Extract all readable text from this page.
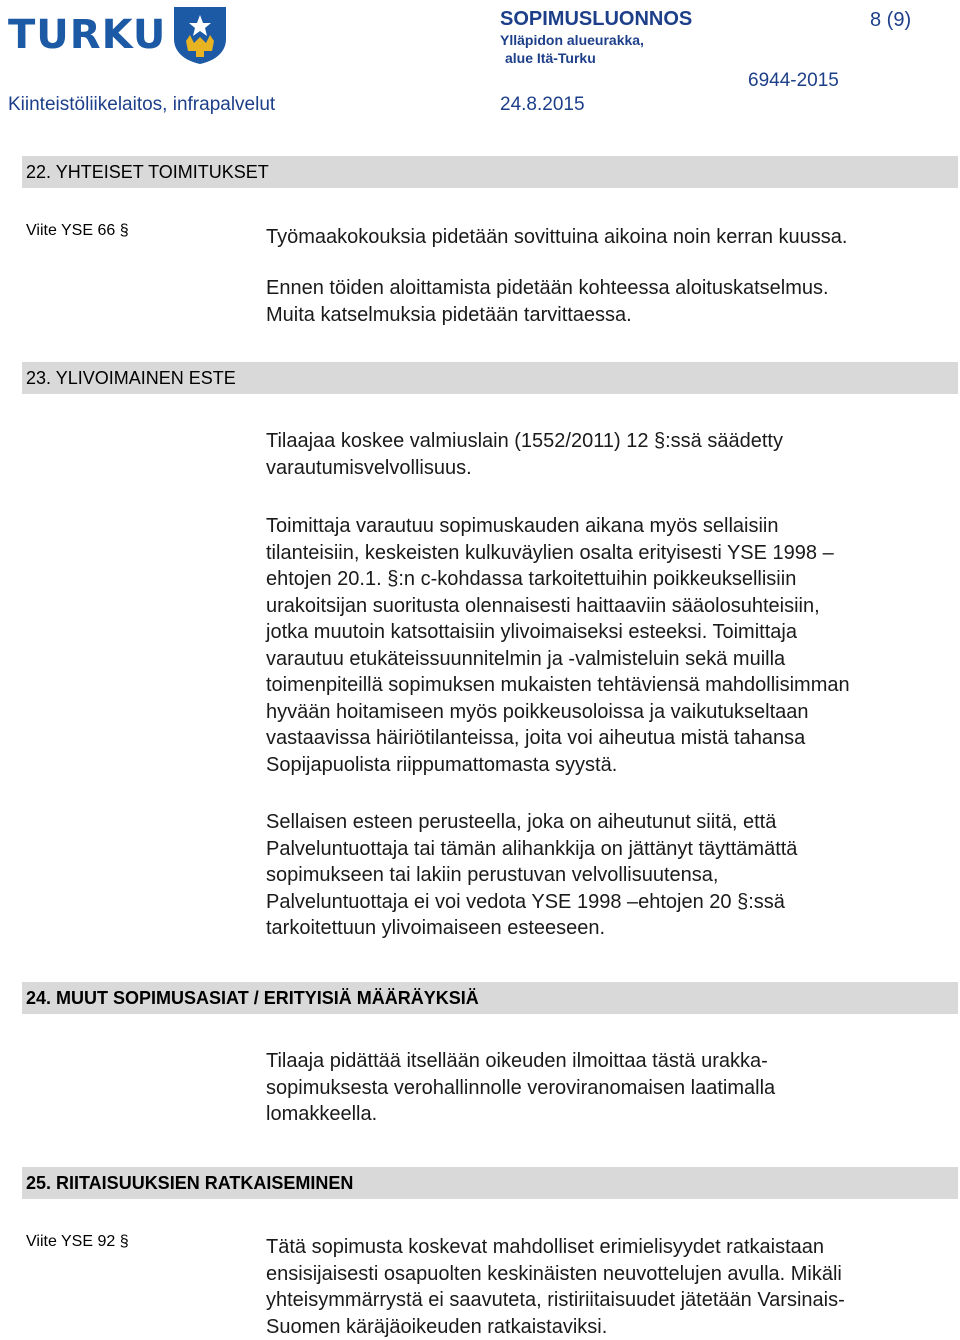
TURKU	SOPIMUSLUONNOS
Ylläpidon alueurakka,
alue Itä-Turku
8 (9)
6944-2015
Kiinteistöliikelaitos, infrapalvelut	24.8.2015
22. YHTEISET TOIMITUKSET
Viite YSE 66 §	Työmaakokouksia pidetään sovittuina aikoina noin kerran kuussa.
Ennen töiden aloittamista pidetään kohteessa aloituskatselmus.
Muita katselmuksia pidetään tarvittaessa.
23. YLIVOIMAINEN ESTE
Tilaajaa koskee valmiuslain (1552/2011) 12 §:ssä säädetty
varautumisvelvollisuus.
Toimittaja varautuu sopimuskauden aikana myös sellaisiin
tilanteisiin, keskeisten kulkuväylien osalta erityisesti YSE 1998 –
ehtojen 20.1. §:n c-kohdassa tarkoitettuihin poikkeuksellisiin
urakoitsijan suoritusta olennaisesti haittaaviin sääolosuhteisiin,
jotka muutoin katsottaisiin ylivoimaiseksi esteeksi. Toimittaja
varautuu etukäteissuunnitelmin ja -valmisteluin sekä muilla
toimenpiteillä sopimuksen mukaisten tehtäviensä mahdollisimman
hyvään hoitamiseen myös poikkeusoloissa ja vaikutukseltaan
vastaavissa häiriötilanteissa, joita voi aiheutua mistä tahansa
Sopijapuolista riippumattomasta syystä.
Sellaisen esteen perusteella, joka on aiheutunut siitä, että
Palveluntuottaja tai tämän alihankkija on jättänyt täyttämättä
sopimukseen tai lakiin perustuvan velvollisuutensa,
Palveluntuottaja ei voi vedota YSE 1998 –ehtojen 20 §:ssä
tarkoitettuun ylivoimaiseen esteeseen.
24. MUUT SOPIMUSASIAT / ERITYISIÄ MÄÄRÄYKSIÄ
Tilaaja pidättää itsellään oikeuden ilmoittaa tästä urakka-
sopimuksesta verohallinnolle veroviranomaisen laatimalla
lomakkeella.
25. RIITAISUUKSIEN RATKAISEMINEN
Viite YSE 92 §	Tätä sopimusta koskevat mahdolliset erimielisyydet ratkaistaan
ensisijaisesti osapuolten keskinäisten neuvottelujen avulla. Mikäli
yhteisymmärrystä ei saavuteta, ristiriitaisuudet jätetään Varsinais-
Suomen käräjäoikeuden ratkaistaviksi.
